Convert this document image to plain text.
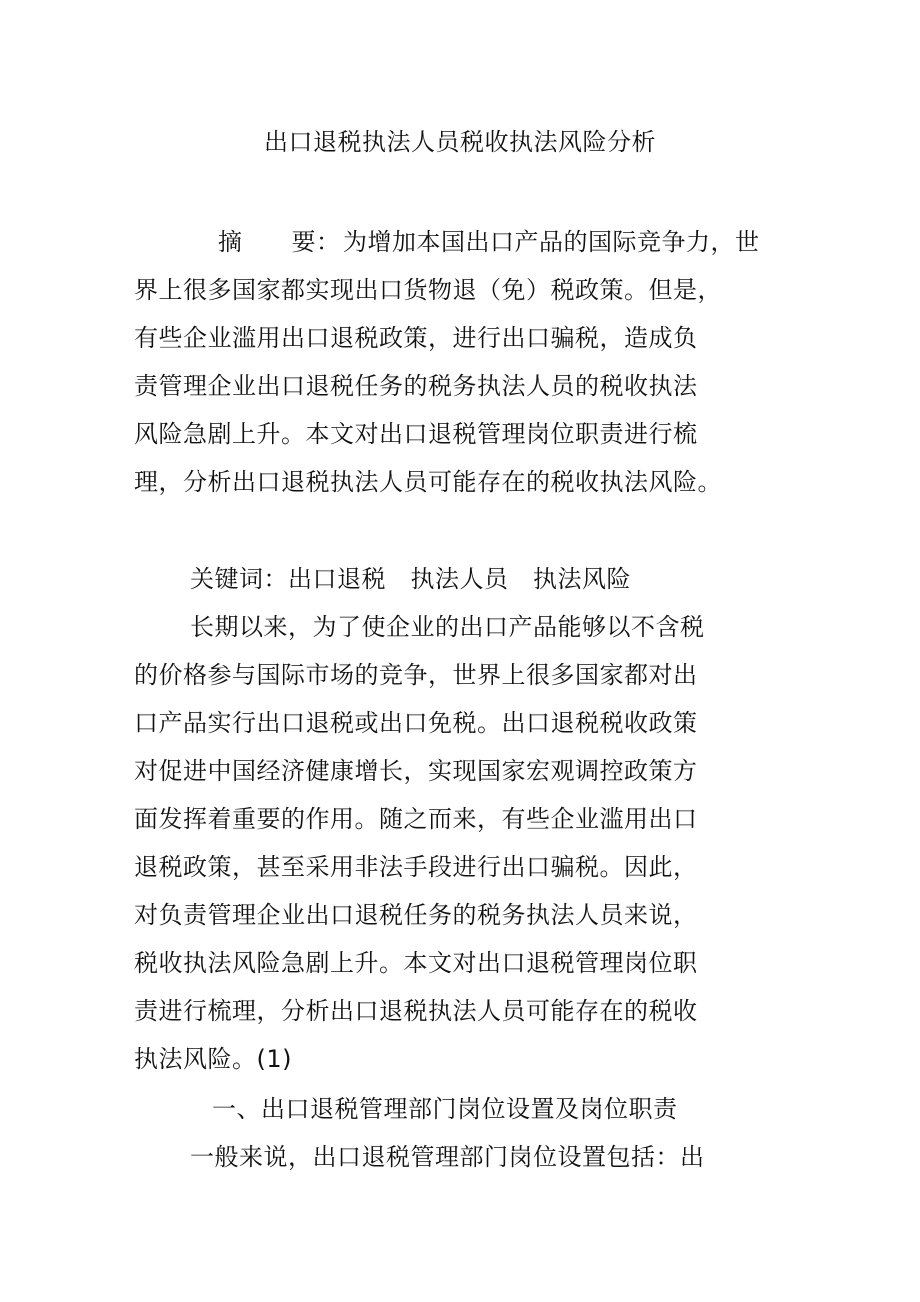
出口退税执法人员税收执法风险分析

摘　　要： 为增加本国出口产品的国际竞争力，世

界上很多国家都实现出口货物退（免）税政策。但是，

有些企业滥用出口退税政策，进行出口骗税，造成负

责管理企业出口退税任务的税务执法人员的税收执法

风险急剧上升。本文对出口退税管理岗位职责进行梳

理，分析出口退税执法人员可能存在的税收执法风险。

关键词：出口退税　执法人员　执法风险

长期以来，为了使企业的出口产品能够以不含税

的价格参与国际市场的竞争，世界上很多国家都对出

口产品实行出口退税或出口免税。出口退税税收政策

对促进中国经济健康增长，实现国家宏观调控政策方

面发挥着重要的作用。随之而来，有些企业滥用出口

退税政策，甚至采用非法手段进行出口骗税。因此，

对负责管理企业出口退税任务的税务执法人员来说，

税收执法风险急剧上升。本文对出口退税管理岗位职

责进行梳理，分析出口退税执法人员可能存在的税收

执法风险。(1)

一、出口退税管理部门岗位设置及岗位职责

一般来说，出口退税管理部门岗位设置包括：出
